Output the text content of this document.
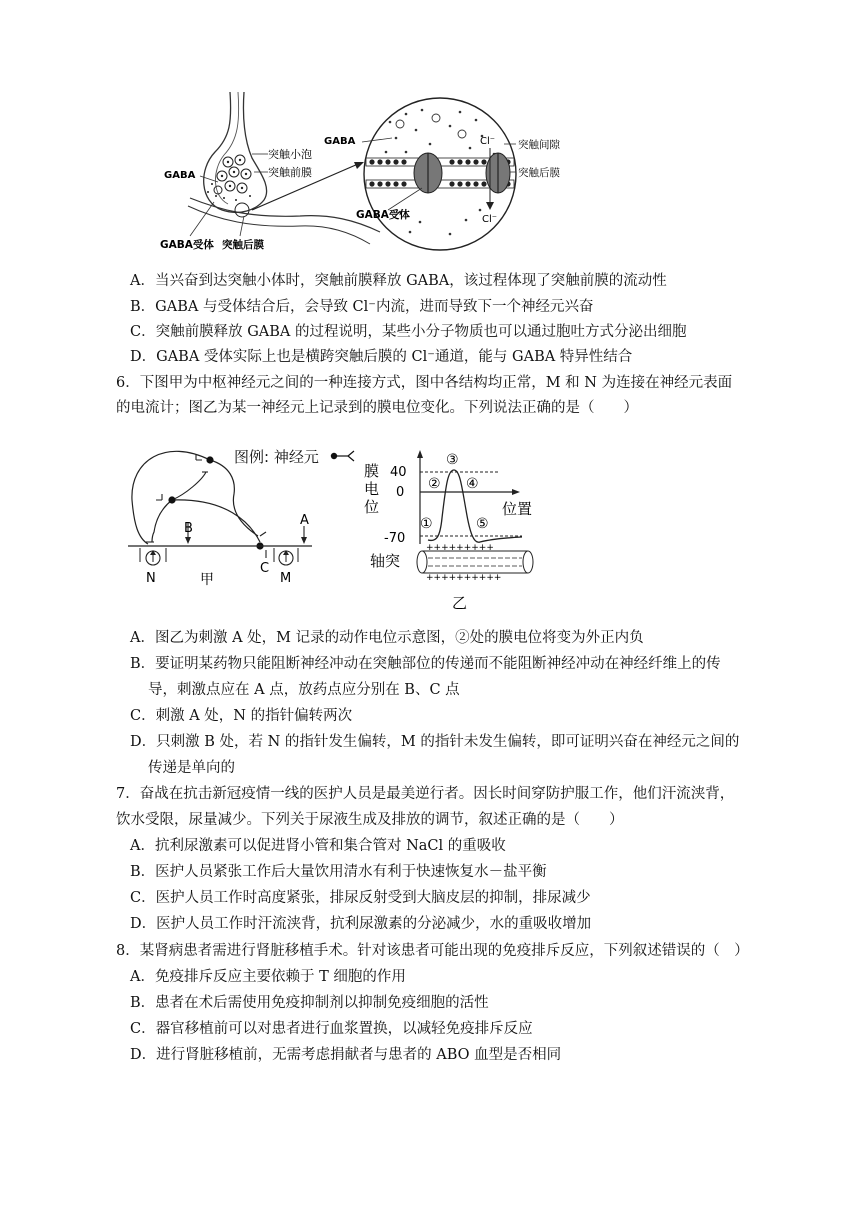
突触小泡
突触前膜
GABA
GABA受体 突触后膜
Cl⁻
Cl⁻
GABA	突触间隙
突触后膜
GABA受体
A．当兴奋到达突触小体时，突触前膜释放 GABA，该过程体现了突触前膜的流动性
B．GABA 与受体结合后，会导致 Cl⁻内流，进而导致下一个神经元兴奋
C．突触前膜释放 GABA 的过程说明，某些小分子物质也可以通过胞吐方式分泌出细胞
D．GABA 受体实际上也是横跨突触后膜的 Cl⁻通道，能与 GABA 特异性结合
6．下图甲为中枢神经元之间的一种连接方式，图中各结构均正常，M 和 N 为连接在神经元表面
的电流计；图乙为某一神经元上记录到的膜电位变化。下列说法正确的是（　　）
B
A
C
M
N	甲
图例: 神经元
+++++++++
++++++++++
膜
电
位
40
0
-70
位置
轴突
③
② ④
①	⑤
乙
A．图乙为刺激 A 处，M 记录的动作电位示意图，②处的膜电位将变为外正内负
B．要证明某药物只能阻断神经冲动在突触部位的传递而不能阻断神经冲动在神经纤维上的传
导，刺激点应在 A 点，放药点应分别在 B、C 点
C．刺激 A 处，N 的指针偏转两次
D．只刺激 B 处，若 N 的指针发生偏转，M 的指针未发生偏转，即可证明兴奋在神经元之间的
传递是单向的
7．奋战在抗击新冠疫情一线的医护人员是最美逆行者。因长时间穿防护服工作，他们汗流浃背，
饮水受限，尿量减少。下列关于尿液生成及排放的调节，叙述正确的是（　　）
A．抗利尿激素可以促进肾小管和集合管对 NaCl 的重吸收
B．医护人员紧张工作后大量饮用清水有利于快速恢复水－盐平衡
C．医护人员工作时高度紧张，排尿反射受到大脑皮层的抑制，排尿减少
D．医护人员工作时汗流浃背，抗利尿激素的分泌减少，水的重吸收增加
8．某肾病患者需进行肾脏移植手术。针对该患者可能出现的免疫排斥反应，下列叙述错误的（　）
A．免疫排斥反应主要依赖于 T 细胞的作用
B．患者在术后需使用免疫抑制剂以抑制免疫细胞的活性
C．器官移植前可以对患者进行血浆置换，以减轻免疫排斥反应
D．进行肾脏移植前，无需考虑捐献者与患者的 ABO 血型是否相同
